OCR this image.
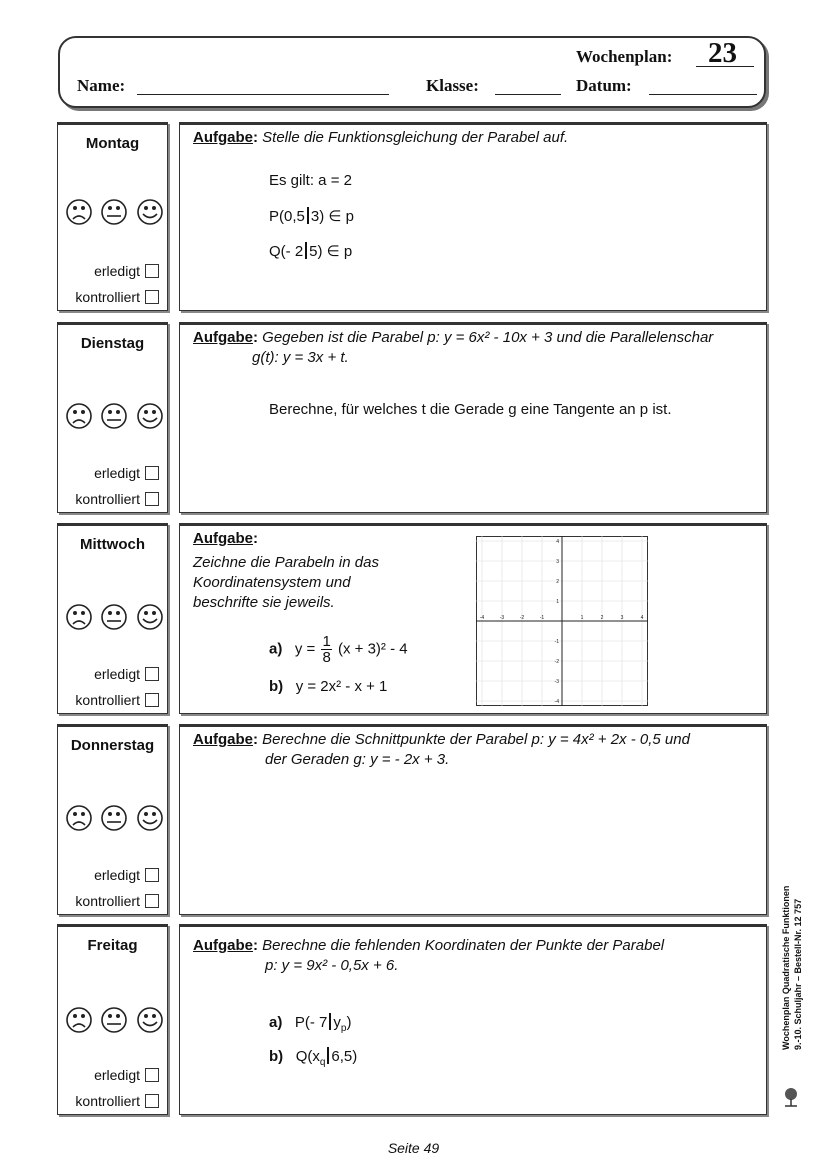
Wochenplan: 23
Name:	Klasse:	Datum:
Montag
erledigt
kontrolliert
Aufgabe: Stelle die Funktionsgleichung der Parabel auf.
Es gilt: a = 2
P(0,5 3) ∈ p
Q(- 2 5) ∈ p
Dienstag
erledigt
kontrolliert
Aufgabe: Gegeben ist die Parabel p: y = 6x² - 10x + 3 und die Parallelenschar
g(t): y = 3x + t.
Berechne, für welches t die Gerade g eine Tangente an p ist.
Mittwoch
erledigt
kontrolliert
Aufgabe:
Zeichne die Parabeln in das
Koordinatensystem und
beschrifte sie jeweils.
a) $y = \frac{1}{8} (x + 3)^2 - 4$
b) y = 2x² - x + 1
-4	-3	-2	-1	1	2	3	4
4
3
2
1
-1
-2
-3
-4
Donnerstag
erledigt
kontrolliert
Aufgabe: Berechne die Schnittpunkte der Parabel p: y = 4x² + 2x - 0,5 und
der Geraden g: y = - 2x + 3.
Freitag
erledigt
kontrolliert
Aufgabe: Berechne die fehlenden Koordinaten der Punkte der Parabel
p: y = 9x² - 0,5x + 6.
a) P(- 7 $y_p$)
b) $Q(x_q$ 6,5)
Wochenplan Quadratische Funktionen 9.-10. Schuljahr – Bestell-Nr. 12 757
Seite 49
